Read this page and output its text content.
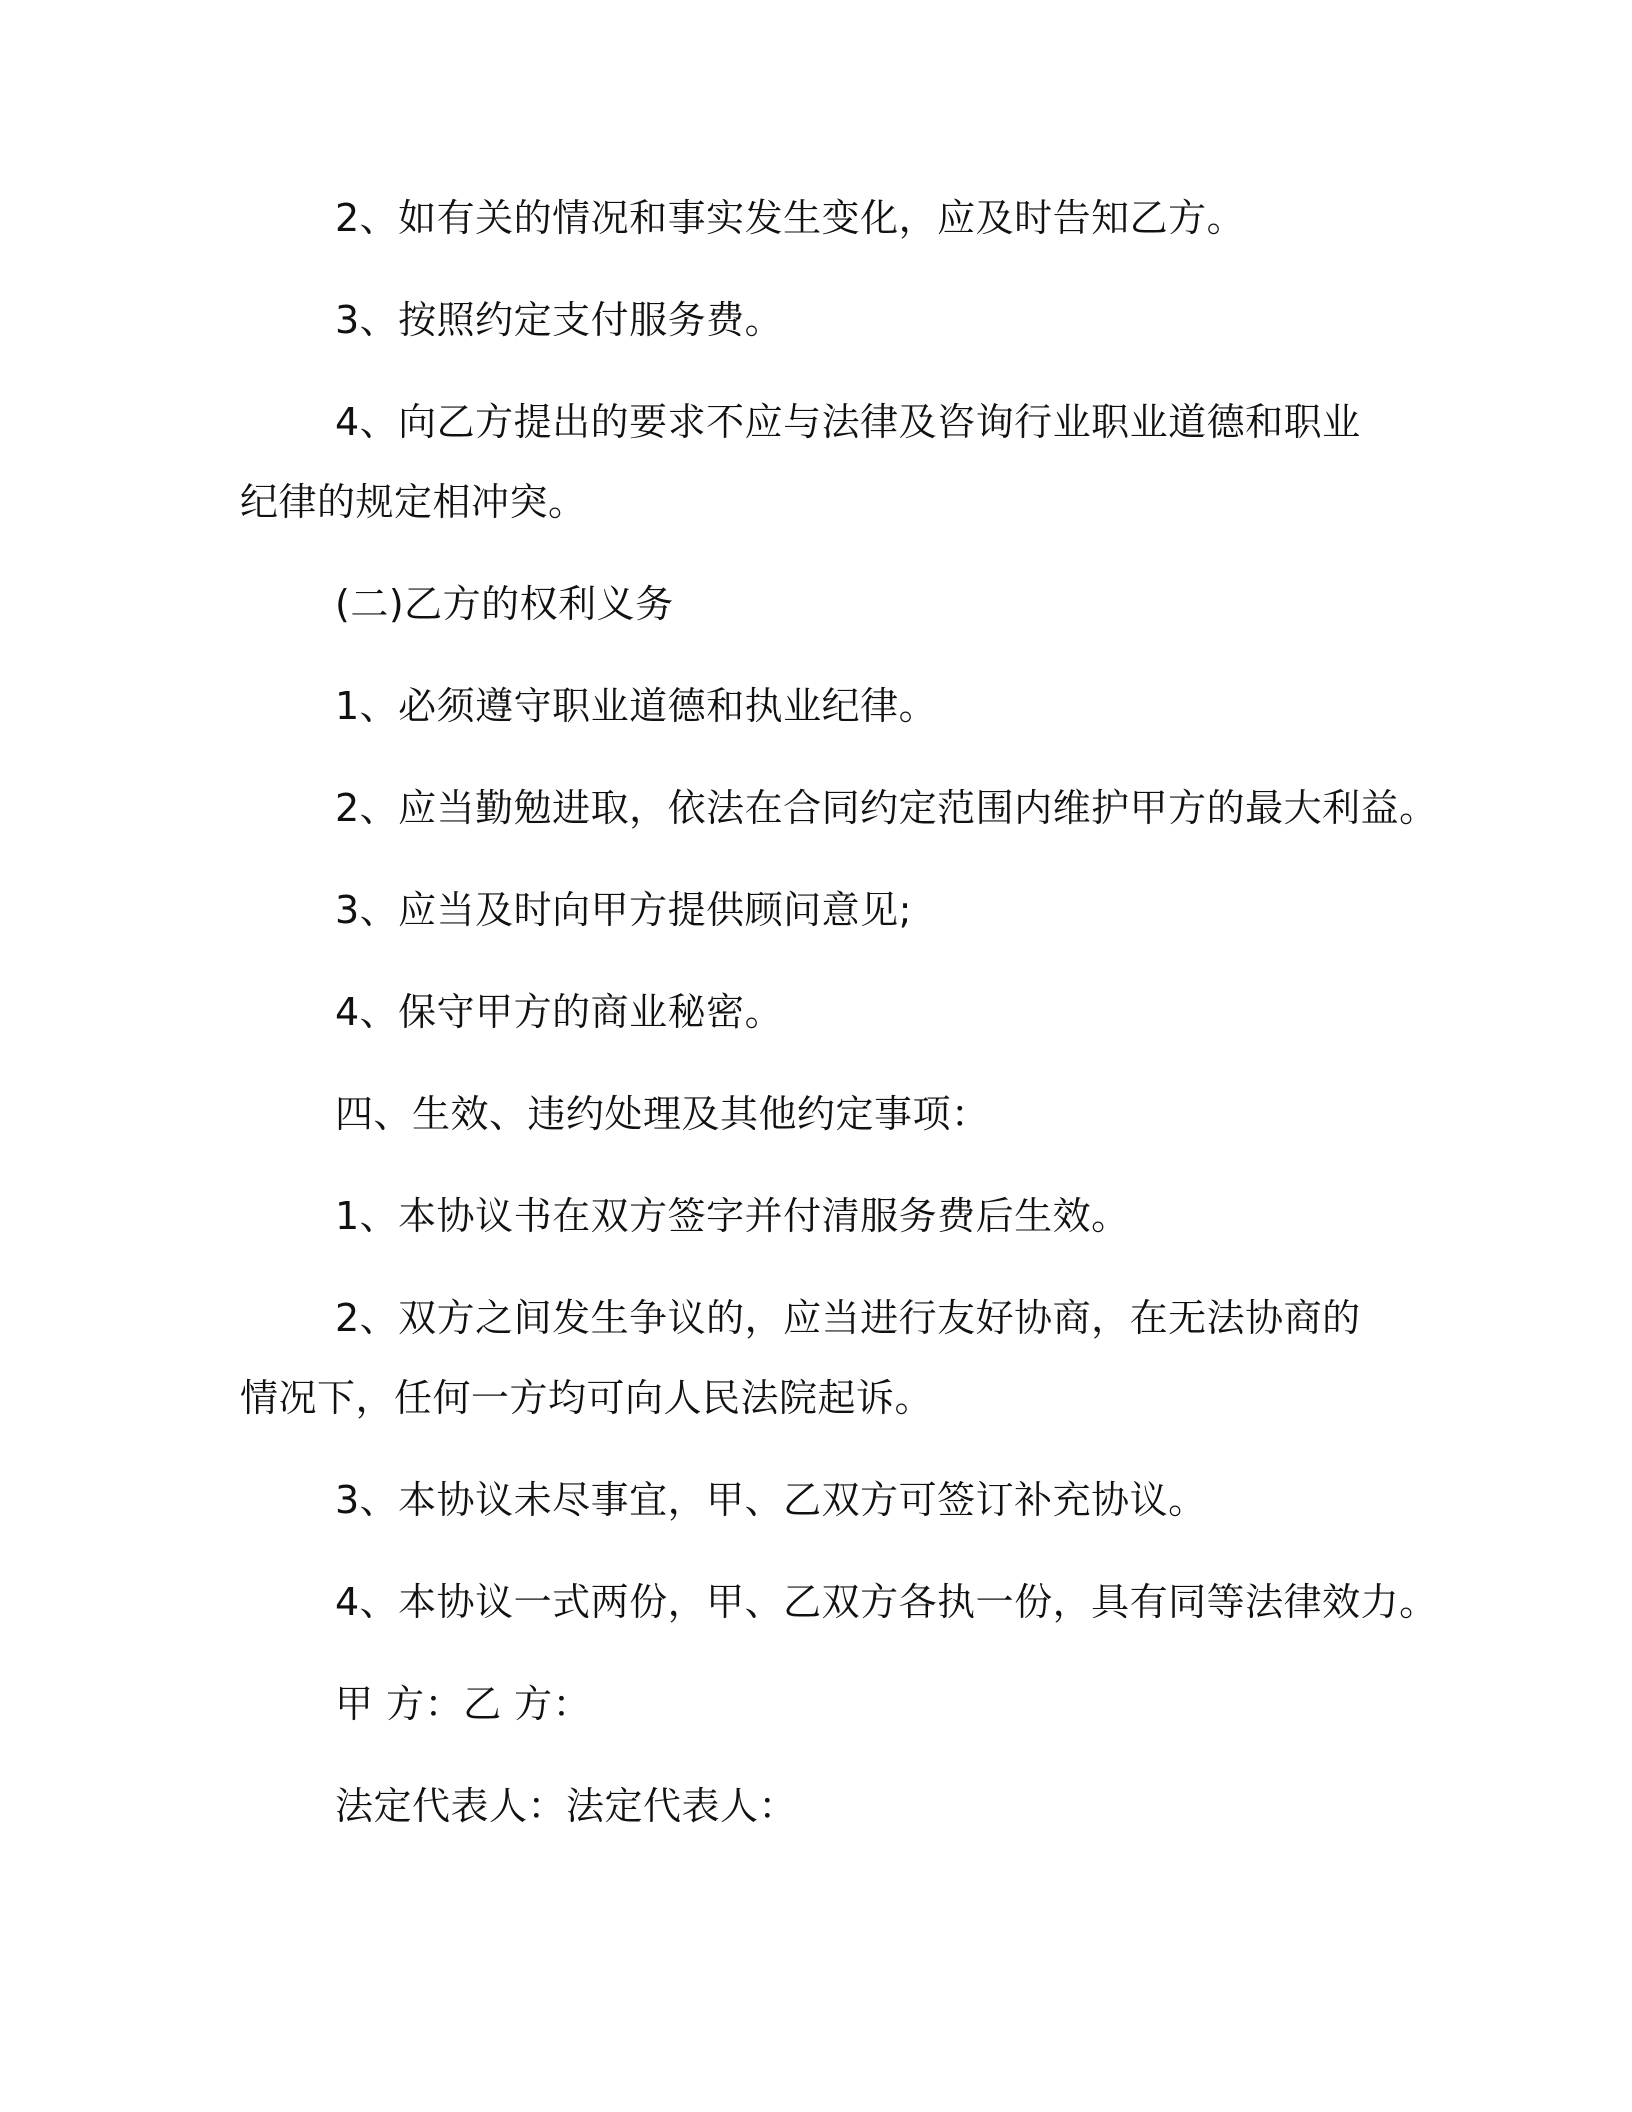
2、如有关的情况和事实发生变化，应及时告知乙方。
3、按照约定支付服务费。
4、向乙方提出的要求不应与法律及咨询行业职业道德和职业纪律的规定相冲突。
(二)乙方的权利义务
1、必须遵守职业道德和执业纪律。
2、应当勤勉进取，依法在合同约定范围内维护甲方的最大利益。
3、应当及时向甲方提供顾问意见;
4、保守甲方的商业秘密。
四、生效、违约处理及其他约定事项：
1、本协议书在双方签字并付清服务费后生效。
2、双方之间发生争议的，应当进行友好协商，在无法协商的情况下，任何一方均可向人民法院起诉。
3、本协议未尽事宜，甲、乙双方可签订补充协议。
4、本协议一式两份，甲、乙双方各执一份，具有同等法律效力。
甲 方：乙 方：
法定代表人：法定代表人：
